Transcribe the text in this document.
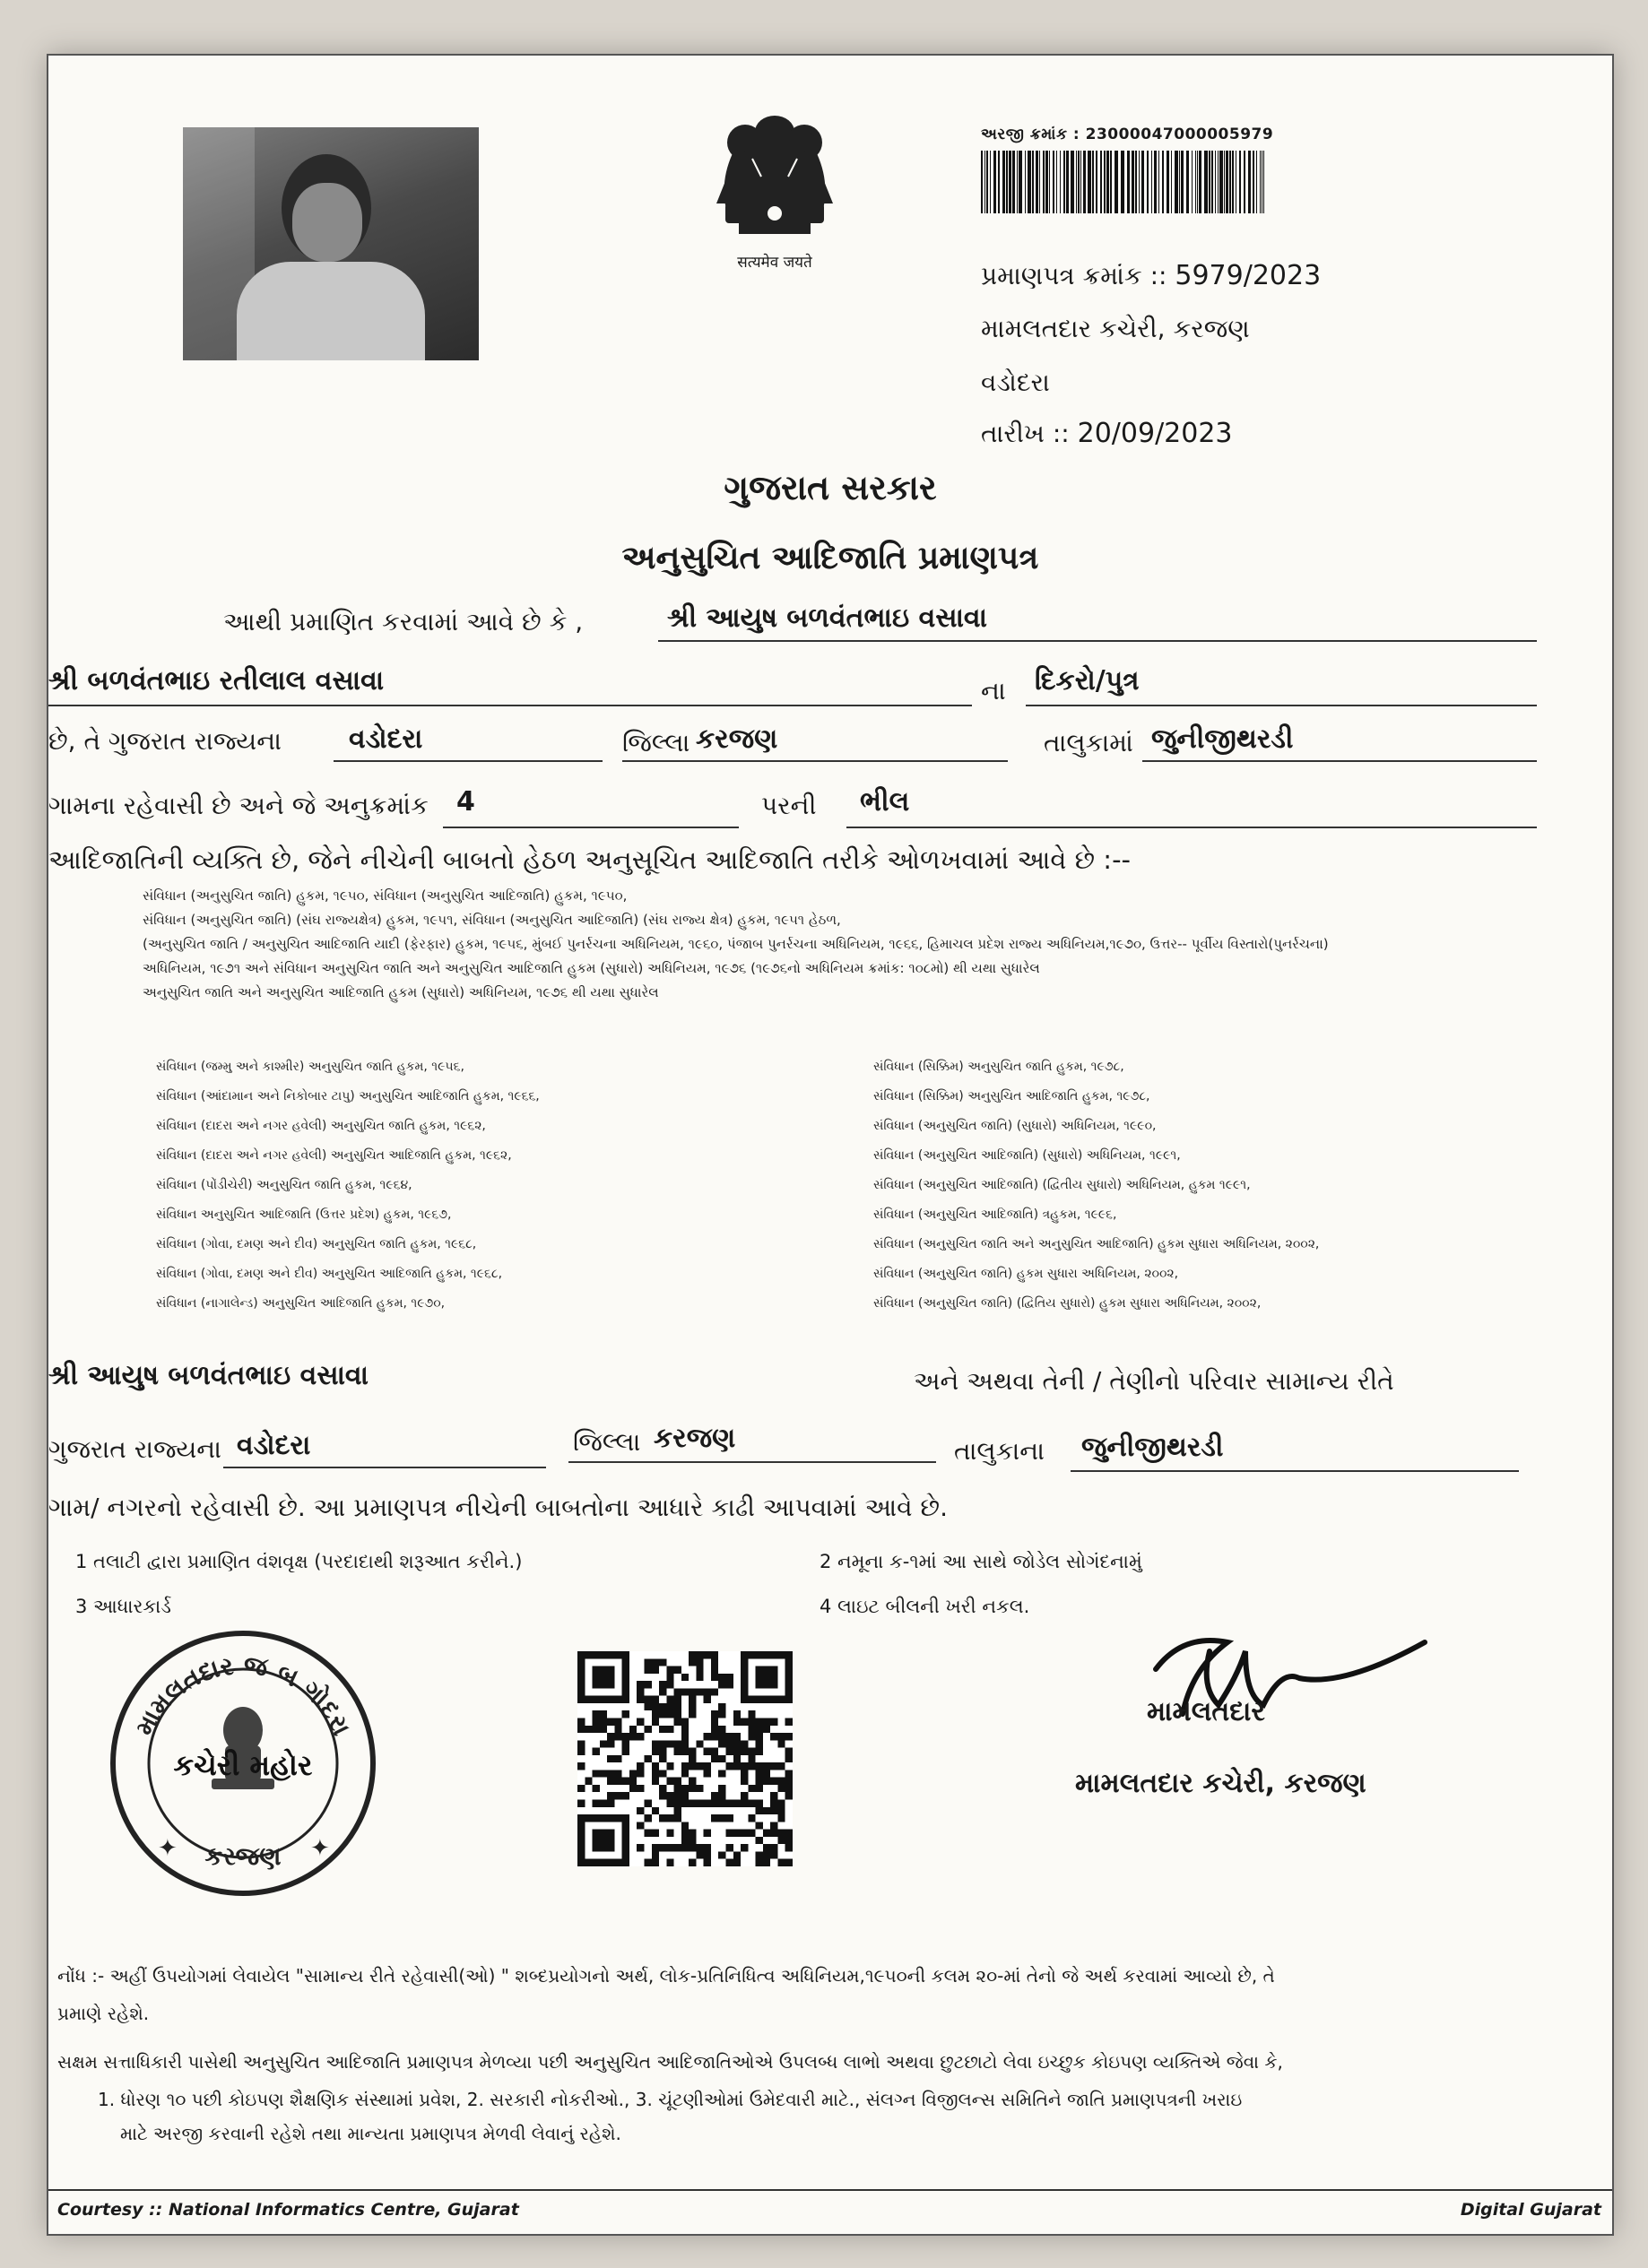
सत्यमेव जयते
અરજી ક્રમાંક : 23000047000005979
પ્રમાણપત્ર ક્રમાંક :: 5979/2023
મામલતદાર કચેરી, કરજણ
વડોદરા
તારીખ :: 20/09/2023
ગુજરાત સરકાર
અનુસુચિત આદિજાતિ પ્રમાણપત્ર
આથી પ્રમાણિત કરવામાં આવે છે કે ,	શ્રી આયુષ બળવંતભાઇ વસાવા
શ્રી બળવંતભાઇ રતીલાલ વસાવા	ના દિકરો/પુત્ર
છે, તે ગુજરાત રાજ્યના	વડોદરા	જિલ્લા કરજણ	તાલુકામાં જુનીજીથરડી
ગામના રહેવાસી છે અને જે અનુક્રમાંક 4	પરની ભીલ
આદિજાતિની વ્યક્તિ છે, જેને નીચેની બાબતો હેઠળ અનુસૂચિત આદિજાતિ તરીકે ઓળખવામાં આવે છે :--
સંવિધાન (અનુસુચિત જાતિ) હુકમ, ૧૯૫૦, સંવિધાન (અનુસુચિત આદિજાતિ) હુકમ, ૧૯૫૦,
સંવિધાન (અનુસુચિત જાતિ) (સંઘ રાજ્યક્ષેત્ર) હુકમ, ૧૯૫૧, સંવિધાન (અનુસુચિત આદિજાતિ) (સંઘ રાજ્ય ક્ષેત્ર) હુકમ, ૧૯૫૧ હેઠળ,
(અનુસુચિત જાતિ / અનુસુચિત આદિજાતિ યાદી (ફેરફાર) હુકમ, ૧૯૫૬, મુંબઈ પુનર્રચના અધિનિયમ, ૧૯૬૦, પંજાબ પુનર્રચના અધિનિયમ, ૧૯૬૬, હિમાચલ પ્રદેશ રાજ્ય અધિનિયમ,૧૯૭૦, ઉત્તર-- પૂર્વીય વિસ્તારો(પુનર્રચના)
અધિનિયમ, ૧૯૭૧ અને સંવિધાન અનુસુચિત જાતિ અને અનુસુચિત આદિજાતિ હુકમ (સુધારો) અધિનિયમ, ૧૯૭૬ (૧૯૭૬નો અધિનિયમ ક્રમાંક: ૧૦૮મો) થી યથા સુધારેલ
અનુસુચિત જાતિ અને અનુસુચિત આદિજાતિ હુકમ (સુધારો) અધિનિયમ, ૧૯૭૬ થી યથા સુધારેલ
સંવિધાન (જમ્મુ અને કાશ્મીર) અનુસુચિત જાતિ હુકમ, ૧૯૫૬,
સંવિધાન (આંદામાન અને નિકોબાર ટાપુ) અનુસુચિત આદિજાતિ હુકમ, ૧૯૬૬,
સંવિધાન (દાદરા અને નગર હવેલી) અનુસુચિત જાતિ હુકમ, ૧૯૬૨,
સંવિધાન (દાદરા અને નગર હવેલી) અનુસુચિત આદિજાતિ હુકમ, ૧૯૬૨,
સંવિધાન (પોંડીચેરી) અનુસુચિત જાતિ હુકમ, ૧૯૬૪,
સંવિધાન અનુસુચિત આદિજાતિ (ઉત્તર પ્રદેશ) હુકમ, ૧૯૬૭,
સંવિધાન (ગોવા, દમણ અને દીવ) અનુસુચિત જાતિ હુકમ, ૧૯૬૮,
સંવિધાન (ગોવા, દમણ અને દીવ) અનુસુચિત આદિજાતિ હુકમ, ૧૯૬૮,
સંવિધાન (નાગાલેન્ડ) અનુસુચિત આદિજાતિ હુકમ, ૧૯૭૦,
સંવિધાન (સિક્કિમ) અનુસુચિત જાતિ હુકમ, ૧૯૭૮,
સંવિધાન (સિક્કિમ) અનુસુચિત આદિજાતિ હુકમ, ૧૯૭૮,
સંવિધાન (અનુસુચિત જાતિ) (સુધારો) અધિનિયમ, ૧૯૯૦,
સંવિધાન (અનુસુચિત આદિજાતિ) (સુધારો) અધિનિયમ, ૧૯૯૧,
સંવિધાન (અનુસુચિત આદિજાતિ) (દ્વિતીય સુધારો) અધિનિયમ, હુકમ ૧૯૯૧,
સંવિધાન (અનુસુચિત આદિજાતિ) ત્રહુકમ, ૧૯૯૬,
સંવિધાન (અનુસુચિત જાતિ અને અનુસુચિત આદિજાતિ) હુકમ સુધારા અધિનિયમ, ૨૦૦૨,
સંવિધાન (અનુસુચિત જાતિ) હુકમ સુધારા અધિનિયમ, ૨૦૦૨,
સંવિધાન (અનુસુચિત જાતિ) (દ્વિતિય સુધારો) હુકમ સુધારા અધિનિયમ, ૨૦૦૨,
શ્રી આયુષ બળવંતભાઇ વસાવા	અને અથવા તેની / તેણીનો પરિવાર સામાન્ય રીતે
ગુજરાત રાજ્યના વડોદરા	જિલ્લા કરજણ	તાલુકાના જુનીજીથરડી
ગામ/ નગરનો રહેવાસી છે. આ પ્રમાણપત્ર નીચેની બાબતોના આધારે કાઢી આપવામાં આવે છે.
1 તલાટી દ્વારા પ્રમાણિત વંશવૃક્ષ (પરદાદાથી શરૂઆત કરીને.)	2 નમૂના ક-૧માં આ સાથે જોડેલ સોગંદનામું
3 આધારકાર્ડ	4 લાઇટ બીલની ખરી નકલ.
મામલતદાર જ બ ગોદરા
કચેરી મહોર
કરજણ
✦	✦
મામલતદાર
મામલતદાર કચેરી, કરજણ
નોંધ :- અહીં ઉપયોગમાં લેવાયેલ "સામાન્ય રીતે રહેવાસી(ઓ) " શબ્દપ્રયોગનો અર્થ, લોક-પ્રતિનિધિત્વ અધિનિયમ,૧૯૫૦ની કલમ ૨૦-માં તેનો જે અર્થ કરવામાં આવ્યો છે, તે
પ્રમાણે રહેશે.
સક્ષમ સત્તાધિકારી પાસેથી અનુસુચિત આદિજાતિ પ્રમાણપત્ર મેળવ્યા પછી અનુસુચિત આદિજાતિઓએ ઉપલબ્ધ લાભો અથવા છુટછાટો લેવા ઇચ્છુક કોઇપણ વ્યક્તિએ જેવા કે,
1. ધોરણ ૧૦ પછી કોઇપણ શૈક્ષણિક સંસ્થામાં પ્રવેશ, 2. સરકારી નોકરીઓ., 3. ચૂંટણીઓમાં ઉમેદવારી માટે., સંલગ્ન વિજીલન્સ સમિતિને જાતિ પ્રમાણપત્રની ખરાઇ
માટે અરજી કરવાની રહેશે તથા માન્યતા પ્રમાણપત્ર મેળવી લેવાનું રહેશે.
Courtesy :: National Informatics Centre, Gujarat	Digital Gujarat
